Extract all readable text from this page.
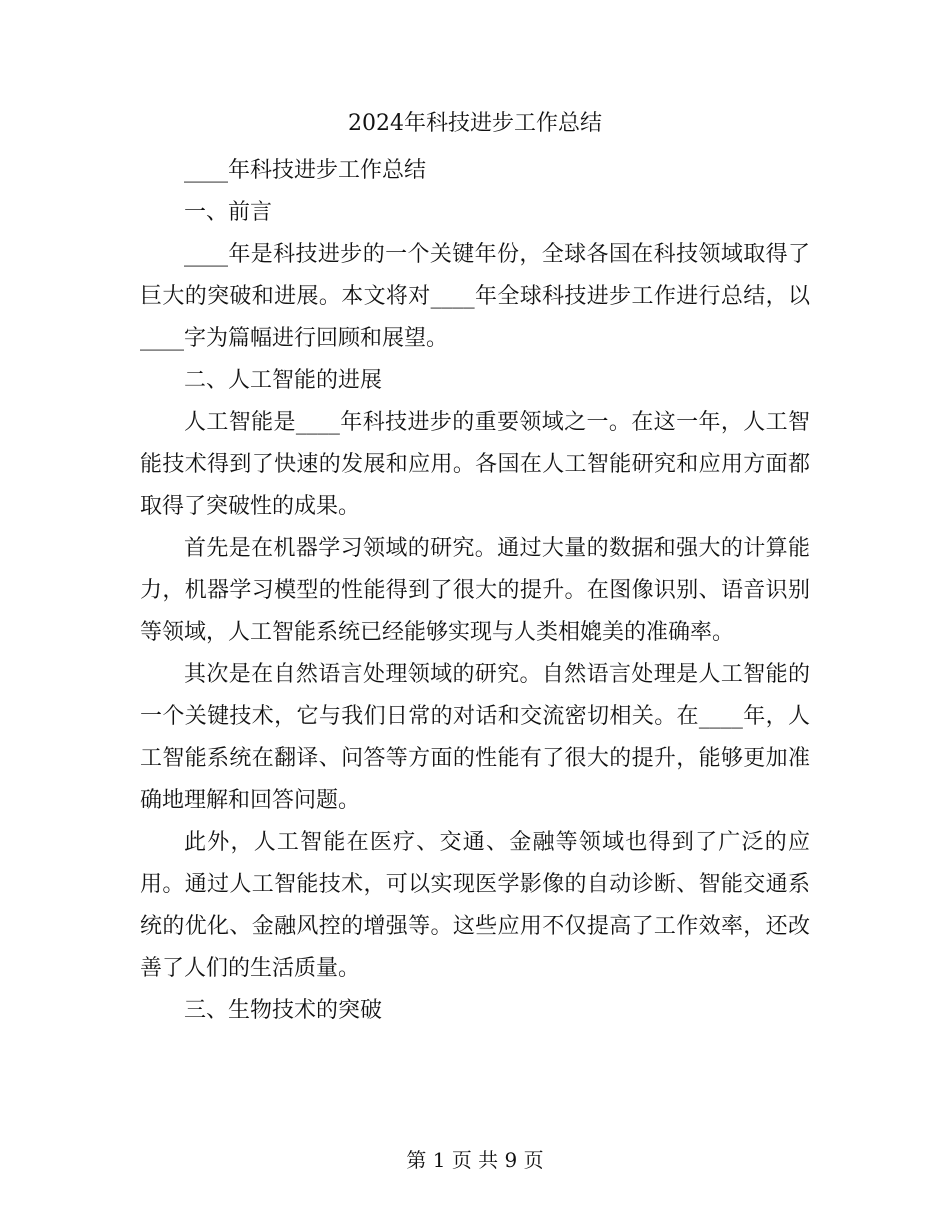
2024年科技进步工作总结

____年科技进步工作总结

一、前言

____年是科技进步的一个关键年份，全球各国在科技领域取得了巨大的突破和进展。本文将对____年全球科技进步工作进行总结，以____字为篇幅进行回顾和展望。

二、人工智能的进展

人工智能是____年科技进步的重要领域之一。在这一年，人工智能技术得到了快速的发展和应用。各国在人工智能研究和应用方面都取得了突破性的成果。

首先是在机器学习领域的研究。通过大量的数据和强大的计算能力，机器学习模型的性能得到了很大的提升。在图像识别、语音识别等领域，人工智能系统已经能够实现与人类相媲美的准确率。

其次是在自然语言处理领域的研究。自然语言处理是人工智能的一个关键技术，它与我们日常的对话和交流密切相关。在____年，人工智能系统在翻译、问答等方面的性能有了很大的提升，能够更加准确地理解和回答问题。

此外，人工智能在医疗、交通、金融等领域也得到了广泛的应用。通过人工智能技术，可以实现医学影像的自动诊断、智能交通系统的优化、金融风控的增强等。这些应用不仅提高了工作效率，还改善了人们的生活质量。

三、生物技术的突破

第 1 页 共 9 页
